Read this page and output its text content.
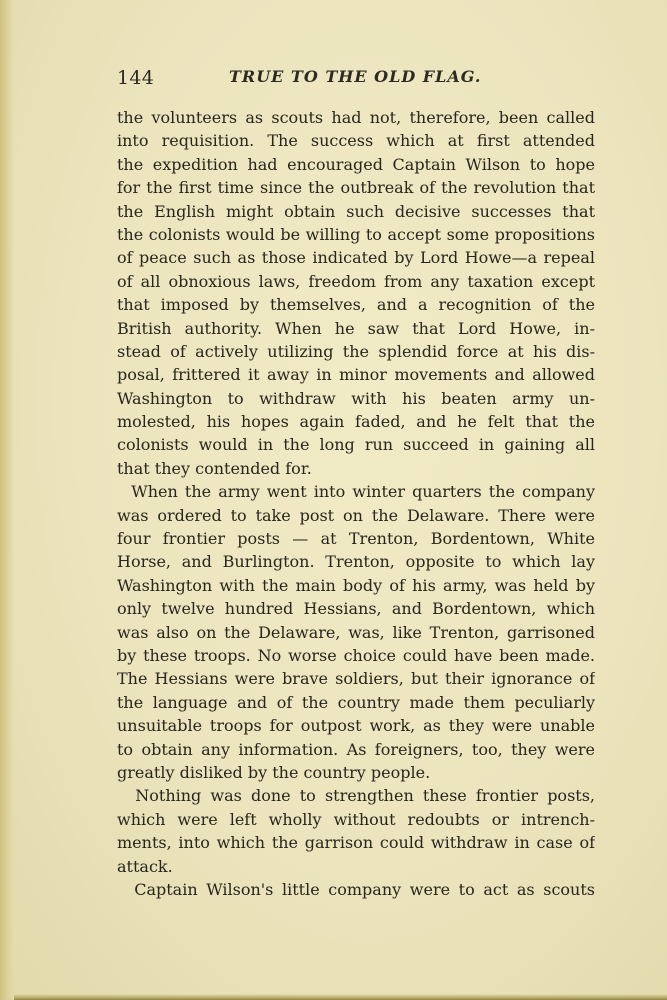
144	TRUE TO THE OLD FLAG.
the volunteers as scouts had not, therefore, been called
into requisition. The success which at first attended
the expedition had encouraged Captain Wilson to hope
for the first time since the outbreak of the revolution that
the English might obtain such decisive successes that
the colonists would be willing to accept some propositions
of peace such as those indicated by Lord Howe—a repeal
of all obnoxious laws, freedom from any taxation except
that imposed by themselves, and a recognition of the
British authority. When he saw that Lord Howe, in-
stead of actively utilizing the splendid force at his dis-
posal, frittered it away in minor movements and allowed
Washington to withdraw with his beaten army un-
molested, his hopes again faded, and he felt that the
colonists would in the long run succeed in gaining all
that they contended for.
When the army went into winter quarters the company
was ordered to take post on the Delaware. There were
four frontier posts — at Trenton, Bordentown, White
Horse, and Burlington. Trenton, opposite to which lay
Washington with the main body of his army, was held by
only twelve hundred Hessians, and Bordentown, which
was also on the Delaware, was, like Trenton, garrisoned
by these troops. No worse choice could have been made.
The Hessians were brave soldiers, but their ignorance of
the language and of the country made them peculiarly
unsuitable troops for outpost work, as they were unable
to obtain any information. As foreigners, too, they were
greatly disliked by the country people.
Nothing was done to strengthen these frontier posts,
which were left wholly without redoubts or intrench-
ments, into which the garrison could withdraw in case of
attack.
Captain Wilson's little company were to act as scouts
